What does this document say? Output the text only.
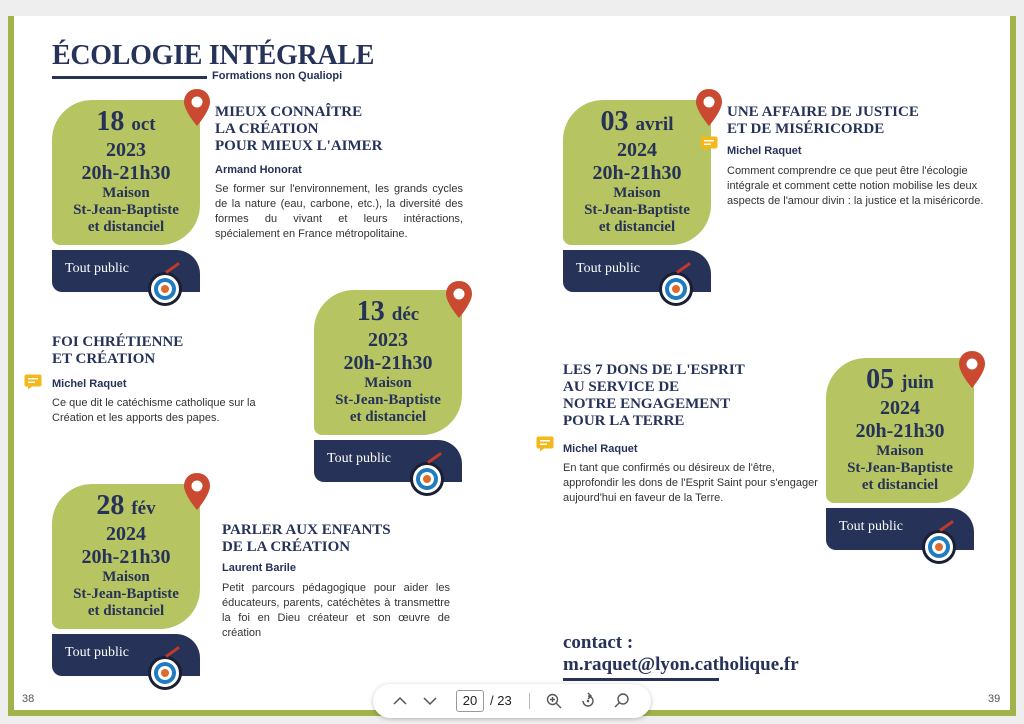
ÉCOLOGIE INTÉGRALE
Formations non Qualiopi
18 oct
2023
20h-21h30
Maison
St-Jean-Baptiste
et distanciel
Tout public
MIEUX CONNAÎTRE
LA CRÉATION
POUR MIEUX L'AIMER
Armand Honorat
Se former sur l'environnement, les grands cycles de la nature (eau, carbone, etc.), la diversité des formes du vivant et leurs intéractions, spécialement en France métropolitaine.
13 déc
2023
20h-21h30
Maison
St-Jean-Baptiste
et distanciel
Tout public
FOI CHRÉTIENNE
ET CRÉATION
Michel Raquet
Ce que dit le catéchisme catholique sur la Création et les apports des papes.
28 fév
2024
20h-21h30
Maison
St-Jean-Baptiste
et distanciel
Tout public
PARLER AUX ENFANTS
DE LA CRÉATION
Laurent Barile
Petit parcours pédagogique pour aider les éducateurs, parents, catéchètes à transmettre la foi en Dieu créateur et son œuvre de création
03 avril
2024
20h-21h30
Maison
St-Jean-Baptiste
et distanciel
Tout public
UNE AFFAIRE DE JUSTICE
ET DE MISÉRICORDE
Michel Raquet
Comment comprendre ce que peut être l'écologie intégrale et comment cette notion mobilise les deux aspects de l'amour divin : la justice et la miséricorde.
05 juin
2024
20h-21h30
Maison
St-Jean-Baptiste
et distanciel
Tout public
LES 7 DONS DE L'ESPRIT
AU SERVICE DE
NOTRE ENGAGEMENT
POUR LA TERRE
Michel Raquet
En tant que confirmés ou désireux de l'être, approfondir les dons de l'Esprit Saint pour s'engager aujourd'hui en faveur de la Terre.
contact :
m.raquet@lyon.catholique.fr
38	39
20 / 23
